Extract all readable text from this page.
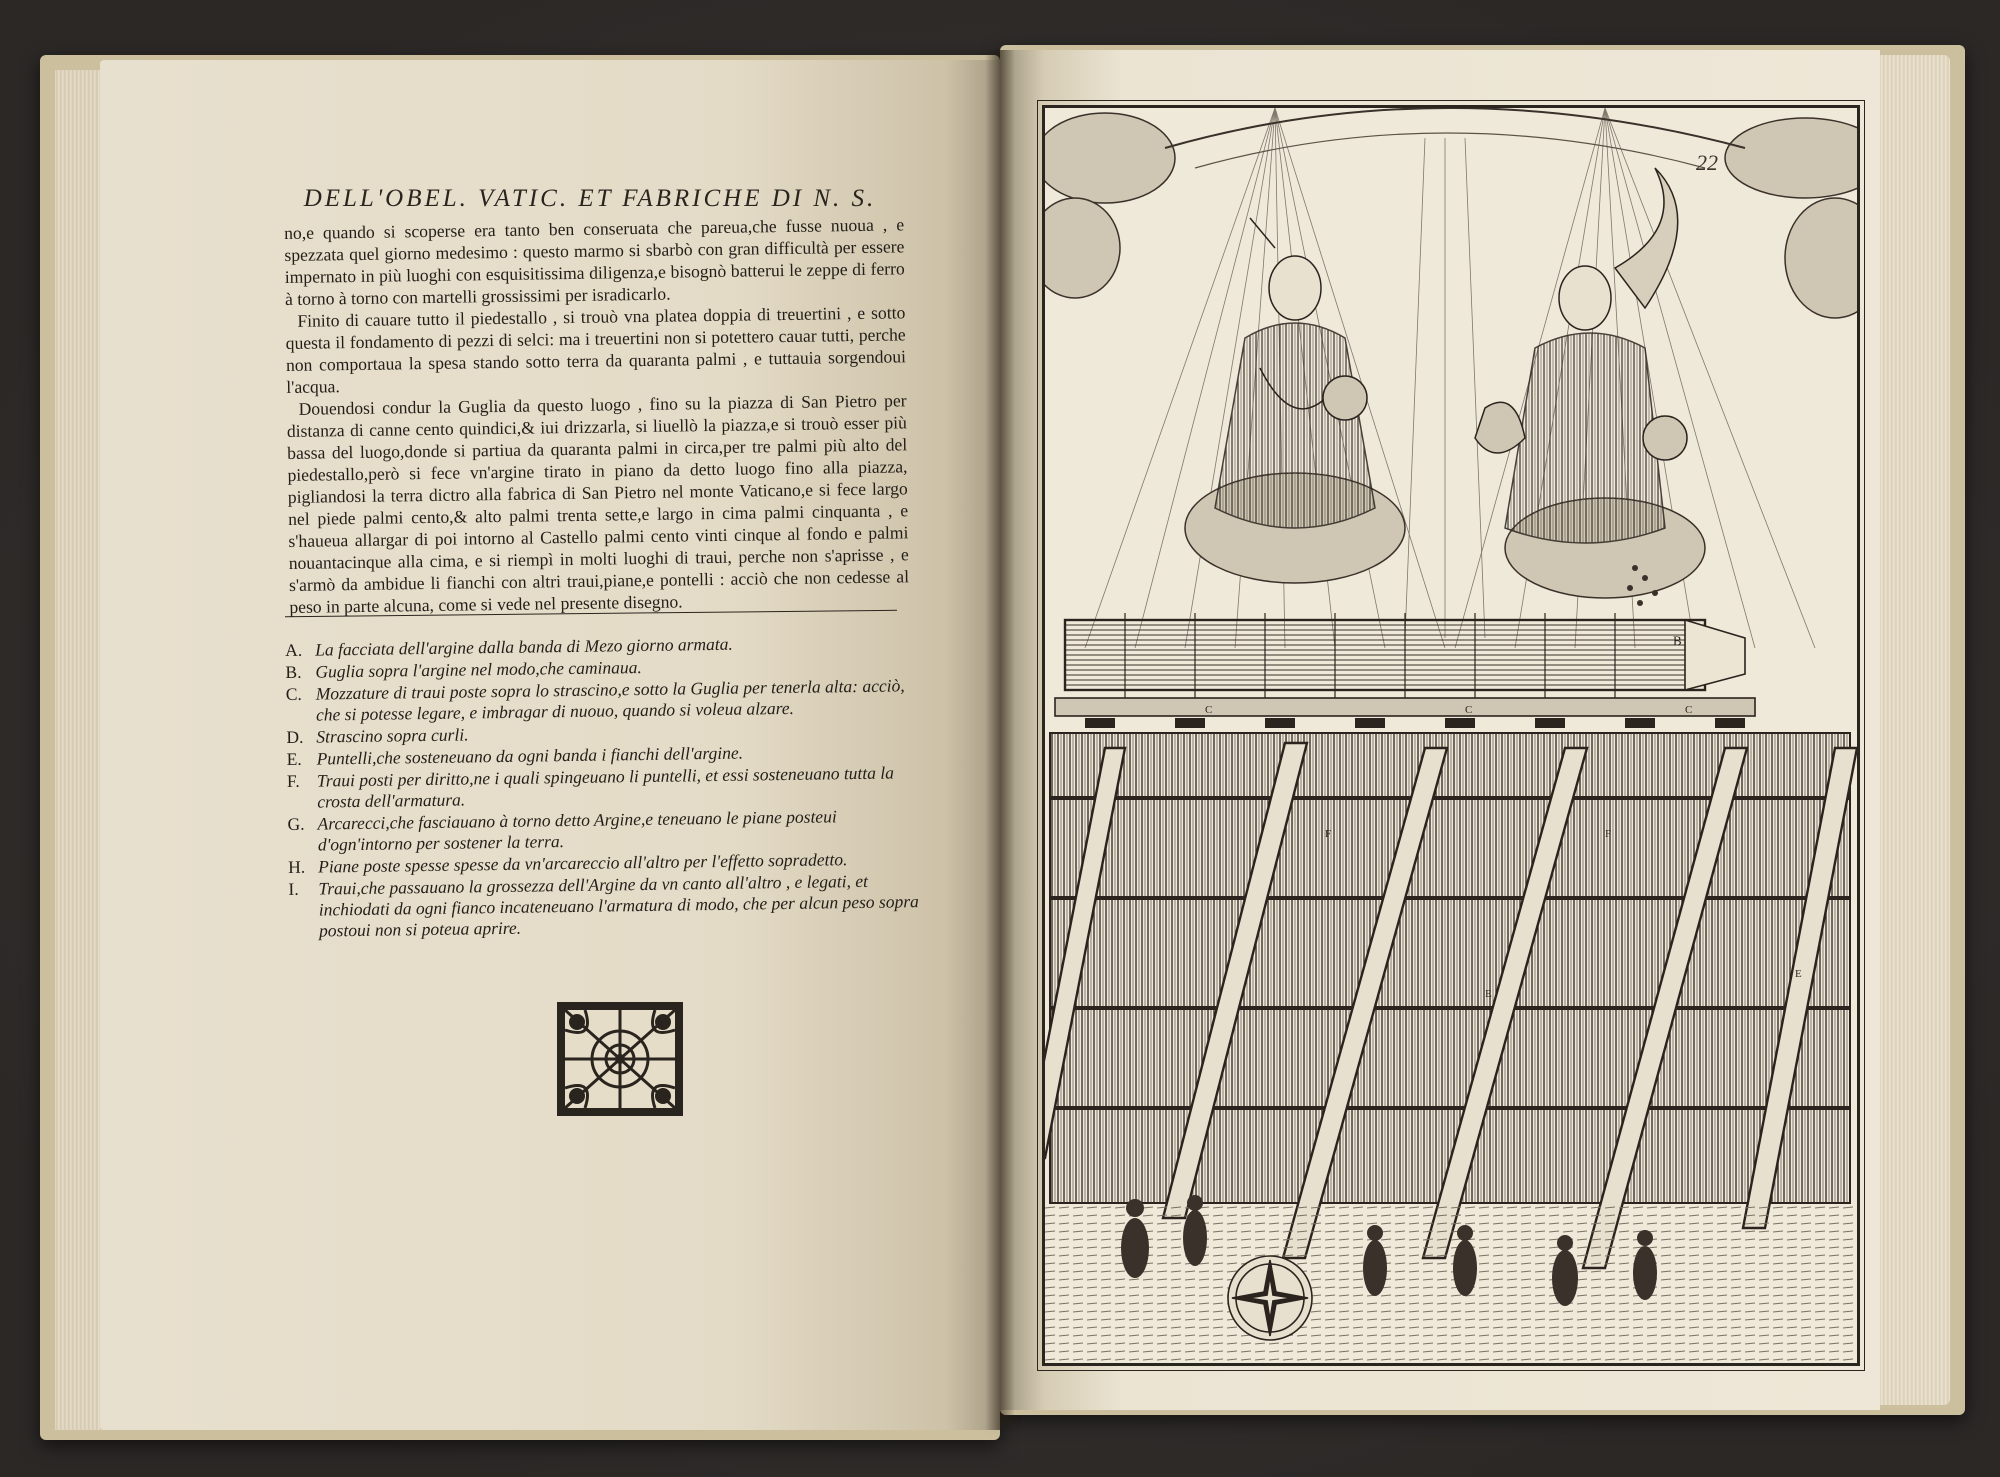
DELL'OBEL. VATIC. ET FABRICHE DI N. S.

no,e quando si scoperse era tanto ben conseruata che pareua,che fusse nuoua , e spezzata quel giorno medesimo : questo marmo si sbarbò con gran difficultà per essere impernato in più luoghi con esquisitissima diligenza,e bisognò batterui le zeppe di ferro à torno à torno con martelli grossissimi per isradicarlo.

Finito di cauare tutto il piedestallo , si trouò vna platea doppia di treuertini , e sotto questa il fondamento di pezzi di selci: ma i treuertini non si potettero cauar tutti, perche non comportaua la spesa stando sotto terra da quaranta palmi , e tuttauia sorgendoui l'acqua.

Douendosi condur la Guglia da questo luogo , fino su la piazza di San Pietro per distanza di canne cento quindici,& iui drizzarla, si liuellò la piazza,e si trouò esser più bassa del luogo,donde si partiua da quaranta palmi in circa,per tre palmi più alto del piedestallo,però si fece vn'argine tirato in piano da detto luogo fino alla piazza, pigliandosi la terra dictro alla fabrica di San Pietro nel monte Vaticano,e si fece largo nel piede palmi cento,& alto palmi trenta sette,e largo in cima palmi cinquanta , e s'haueua allargar di poi intorno al Castello palmi cento vinti cinque al fondo e palmi nouantacinque alla cima, e si riempì in molti luoghi di traui, perche non s'aprisse , e s'armò da ambidue li fianchi con altri traui,piane,e pontelli : acciò che non cedesse al peso in parte alcuna, come si vede nel presente disegno.

A. La facciata dell'argine dalla banda di Mezo giorno armata.
B. Guglia sopra l'argine nel modo,che caminaua.
C. Mozzature di traui poste sopra lo strascino,e sotto la Guglia per tenerla alta: acciò, che si potesse legare, e imbragar di nuouo, quando si voleua alzare.
D. Strascino sopra curli.
E. Puntelli,che sosteneuano da ogni banda i fianchi dell'argine.
F. Traui posti per diritto,ne i quali spingeuano li puntelli, et essi sosteneuano tutta la crosta dell'armatura.
G. Arcarecci,che fasciauano à torno detto Argine,e teneuano le piane posteui d'ogn'intorno per sostener la terra.
H. Piane poste spesse spesse da vn'arcareccio all'altro per l'effetto sopradetto.
I.	Traui,che passauano la grossezza dell'Argine da vn canto all'altro , e legati, et inchiodati da ogni fianco incateneuano l'armatura di modo, che per alcun peso sopra postoui non si poteua aprire.
B
C	C	C
E
E
F	F
22
